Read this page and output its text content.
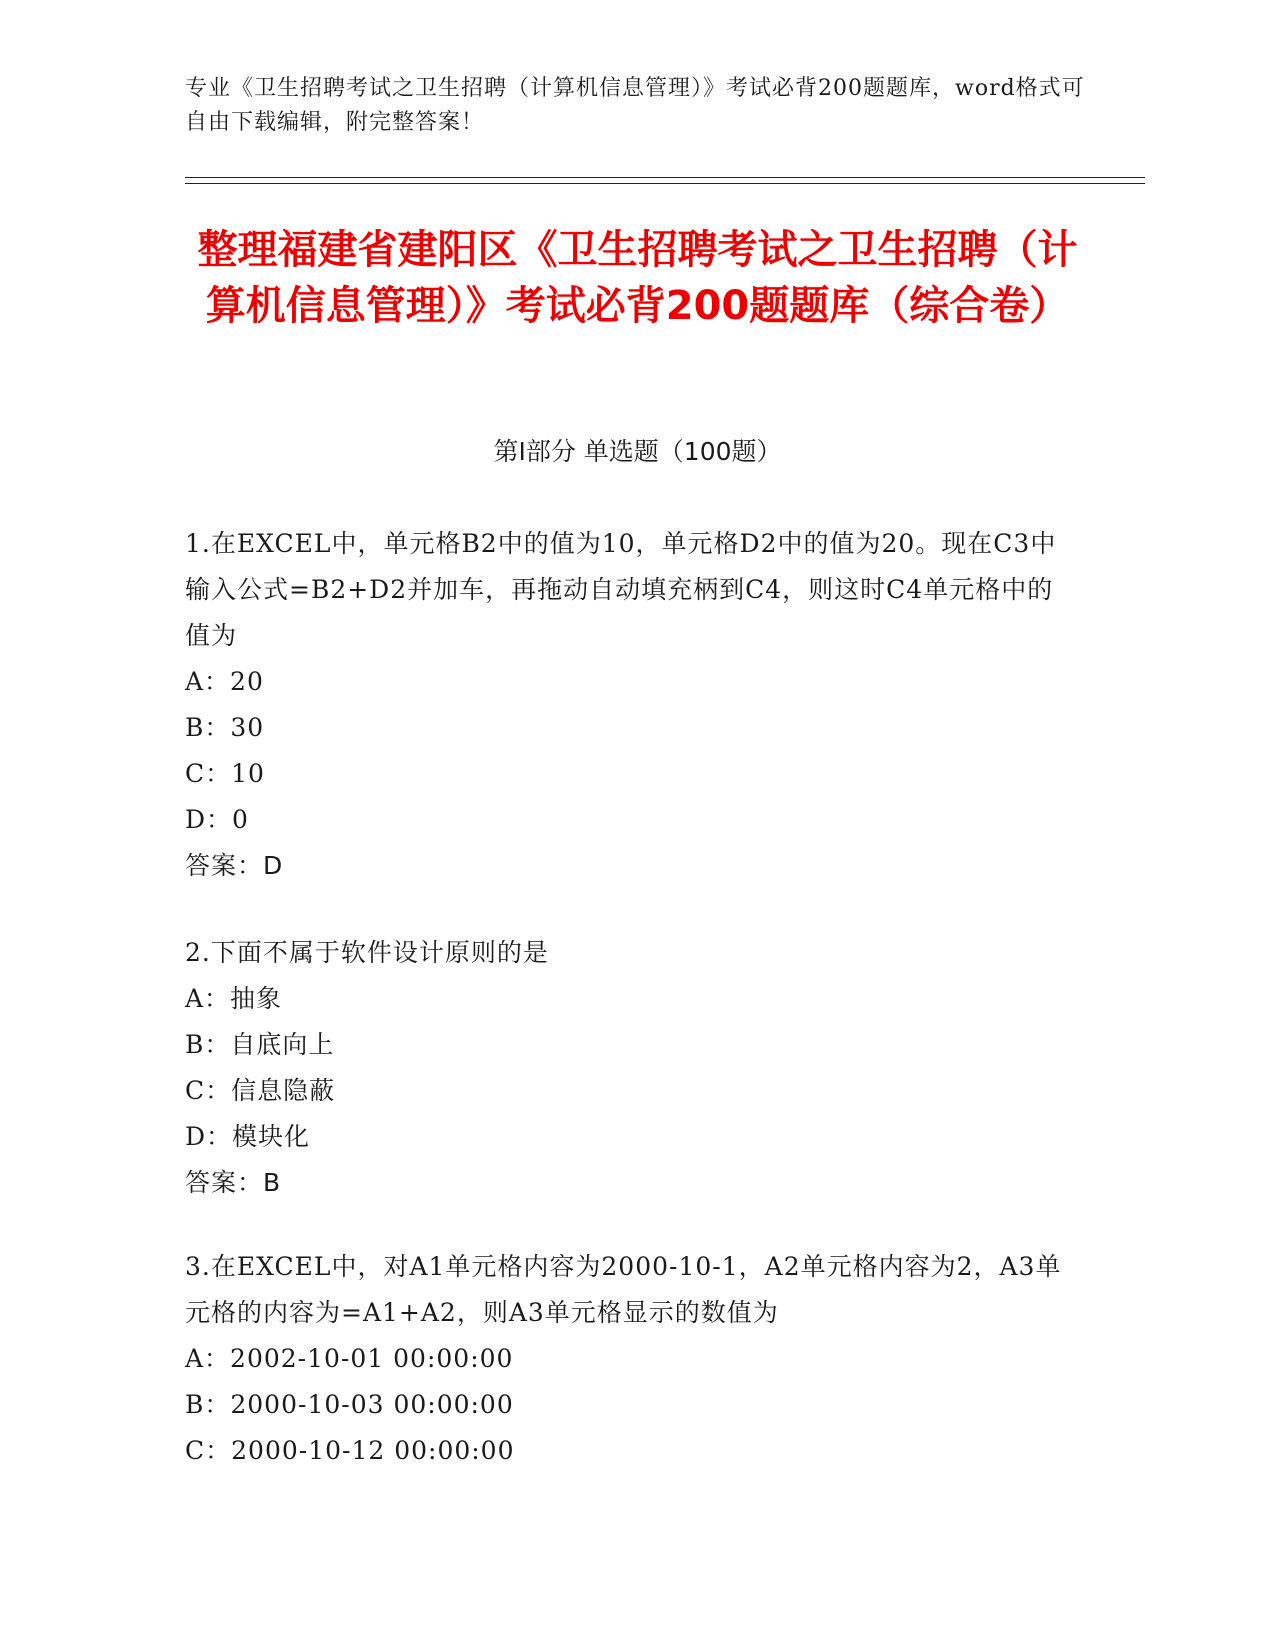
专业《卫生招聘考试之卫生招聘（计算机信息管理）》考试必背200题题库，word格式可自由下载编辑，附完整答案！
整理福建省建阳区《卫生招聘考试之卫生招聘（计算机信息管理）》考试必背200题题库（综合卷）
第Ⅰ部分 单选题（100题）

1.在EXCEL中，单元格B2中的值为10，单元格D2中的值为20。现在C3中输入公式=B2+D2并加车，再拖动自动填充柄到C4，则这时C4单元格中的值为

A：20

B：30

C：10

D：0

答案：D

2.下面不属于软件设计原则的是

A：抽象

B：自底向上

C：信息隐蔽

D：模块化

答案：B

3.在EXCEL中，对A1单元格内容为2000-10-1，A2单元格内容为2，A3单元格的内容为=A1+A2，则A3单元格显示的数值为

A：2002-10-01 00:00:00

B：2000-10-03 00:00:00

C：2000-10-12 00:00:00
